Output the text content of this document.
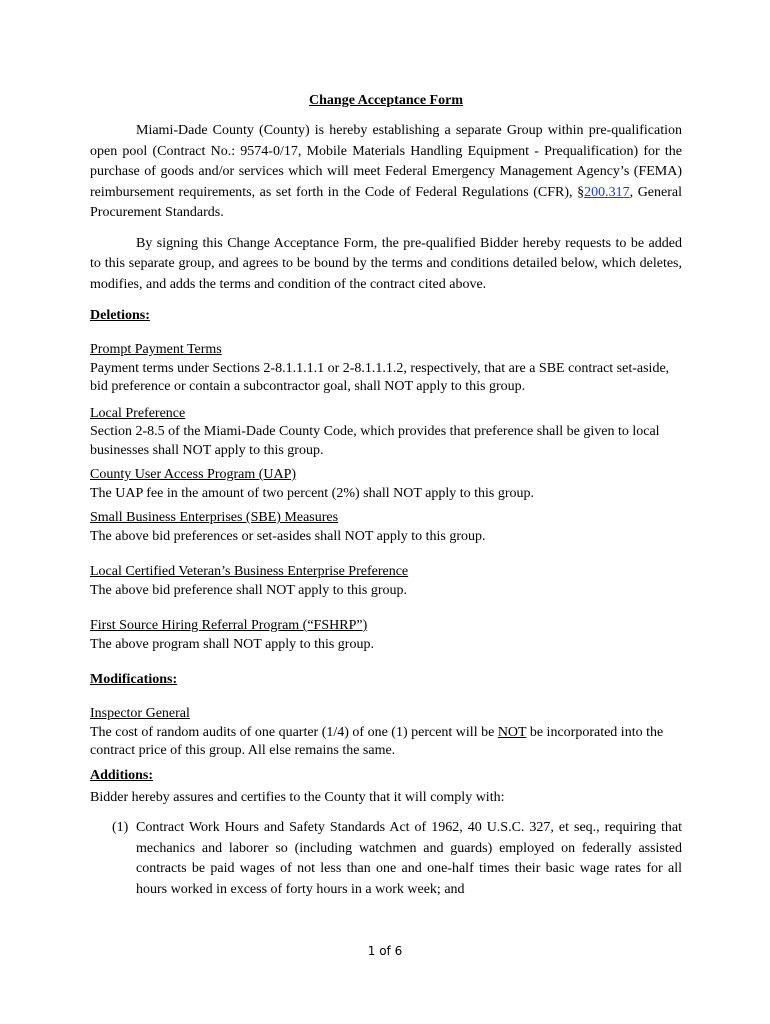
Change Acceptance Form

Miami-Dade County (County) is hereby establishing a separate Group within pre-qualification open pool (Contract No.: 9574-0/17, Mobile Materials Handling Equipment - Prequalification) for the purchase of goods and/or services which will meet Federal Emergency Management Agency’s (FEMA) reimbursement requirements, as set forth in the Code of Federal Regulations (CFR), §200.317, General Procurement Standards.

By signing this Change Acceptance Form, the pre-qualified Bidder hereby requests to be added to this separate group, and agrees to be bound by the terms and conditions detailed below, which deletes, modifies, and adds the terms and condition of the contract cited above.

Deletions:

Prompt Payment Terms
Payment terms under Sections 2-8.1.1.1.1 or 2-8.1.1.1.2, respectively, that are a SBE contract set-aside, bid preference or contain a subcontractor goal, shall NOT apply to this group.
Local Preference
Section 2-8.5 of the Miami-Dade County Code, which provides that preference shall be given to local businesses shall NOT apply to this group.
County User Access Program (UAP)
The UAP fee in the amount of two percent (2%) shall NOT apply to this group.
Small Business Enterprises (SBE) Measures
The above bid preferences or set-asides shall NOT apply to this group.
Local Certified Veteran’s Business Enterprise Preference
The above bid preference shall NOT apply to this group.
First Source Hiring Referral Program (“FSHRP”)
The above program shall NOT apply to this group.

Modifications:

Inspector General
The cost of random audits of one quarter (1/4) of one (1) percent will be NOT be incorporated into the contract price of this group. All else remains the same.

Additions:

Bidder hereby assures and certifies to the County that it will comply with:

(1) Contract Work Hours and Safety Standards Act of 1962, 40 U.S.C. 327, et seq., requiring that mechanics and laborer so (including watchmen and guards) employed on federally assisted contracts be paid wages of not less than one and one-half times their basic wage rates for all hours worked in excess of forty hours in a work week; and
1 of 6
